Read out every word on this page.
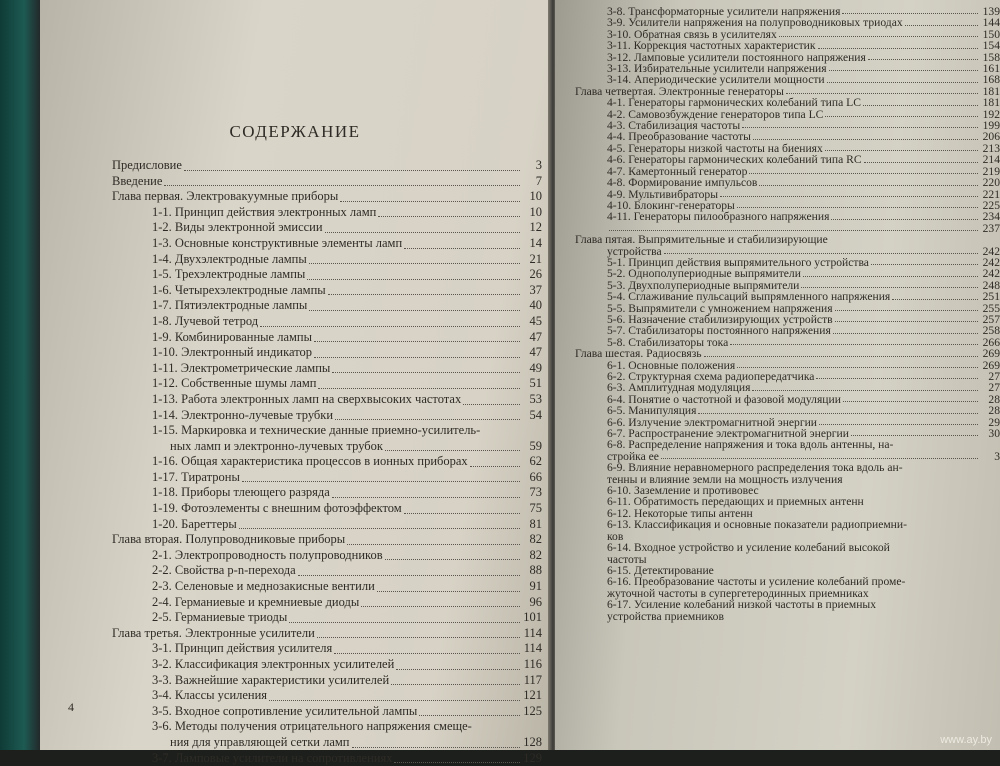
СОДЕРЖАНИЕ
Предисловие	3
Введение	7
Глава первая. Электровакуумные приборы	10
1-1. Принцип действия электронных ламп	10
1-2. Виды электронной эмиссии	12
1-3. Основные конструктивные элементы ламп	14
1-4. Двухэлектродные лампы	21
1-5. Трехэлектродные лампы	26
1-6. Четырехэлектродные лампы	37
1-7. Пятиэлектродные лампы	40
1-8. Лучевой тетрод	45
1-9. Комбинированные лампы	47
1-10. Электронный индикатор	47
1-11. Электрометрические лампы	49
1-12. Собственные шумы ламп	51
1-13. Работа электронных ламп на сверхвысоких частотах	53
1-14. Электронно-лучевые трубки	54
1-15. Маркировка и технические данные приемно-усилитель-
ных ламп и электронно-лучевых трубок	59
1-16. Общая характеристика процессов в ионных приборах	62
1-17. Тиратроны	66
1-18. Приборы тлеющего разряда	73
1-19. Фотоэлементы с внешним фотоэффектом	75
1-20. Бареттеры	81
Глава вторая. Полупроводниковые приборы	82
2-1. Электропроводность полупроводников	82
2-2. Свойства p-n-перехода	88
2-3. Селеновые и меднозакисные вентили	91
2-4. Германиевые и кремниевые диоды	96
2-5. Германиевые триоды	101
Глава третья. Электронные усилители	114
3-1. Принцип действия усилителя	114
3-2. Классификация электронных усилителей	116
3-3. Важнейшие характеристики усилителей	117
3-4. Классы усиления	121
3-5. Входное сопротивление усилительной лампы	125
3-6. Методы получения отрицательного напряжения смеще-
ния для управляющей сетки ламп	128
3-7. Ламповые усилители на сопротивлениях	129
4
3-8. Трансформаторные усилители напряжения	139
3-9. Усилители напряжения на полупроводниковых триодах	144
3-10. Обратная связь в усилителях	150
3-11. Коррекция частотных характеристик	154
3-12. Ламповые усилители постоянного напряжения	158
3-13. Избирательные усилители напряжения	161
3-14. Апериодические усилители мощности	168
Глава четвертая. Электронные генераторы	181
4-1. Генераторы гармонических колебаний типа LC	181
4-2. Самовозбуждение генераторов типа LC	192
4-3. Стабилизация частоты	199
4-4. Преобразование частоты	206
4-5. Генераторы низкой частоты на биениях	213
4-6. Генераторы гармонических колебаний типа RC	214
4-7. Камертонный генератор	219
4-8. Формирование импульсов	220
4-9. Мультивибраторы	221
4-10. Блокинг-генераторы	225
4-11. Генераторы пилообразного напряжения	234
237
Глава пятая. Выпрямительные и стабилизирующие
устройства	242
5-1. Принцип действия выпрямительного устройства	242
5-2. Однополупериодные выпрямители	242
5-3. Двухполупериодные выпрямители	248
5-4. Сглаживание пульсаций выпрямленного напряжения	251
5-5. Выпрямители с умножением напряжения	255
5-6. Назначение стабилизирующих устройств	257
5-7. Стабилизаторы постоянного напряжения	258
5-8. Стабилизаторы тока	266
Глава шестая. Радиосвязь	269
6-1. Основные положения	269
6-2. Структурная схема радиопередатчика	27
6-3. Амплитудная модуляция	27
6-4. Понятие о частотной и фазовой модуляции	28
6-5. Манипуляция	28
6-6. Излучение электромагнитной энергии	29
6-7. Распространение электромагнитной энергии	30
6-8. Распределение напряжения и тока вдоль антенны, на-
стройка ее	3
6-9. Влияние неравномерного распределения тока вдоль ан-
тенны и влияние земли на мощность излучения
6-10. Заземление и противовес
6-11. Обратимость передающих и приемных антенн
6-12. Некоторые типы антенн
6-13. Классификация и основные показатели радиоприемни-
ков
6-14. Входное устройство и усиление колебаний высокой
частоты
6-15. Детектирование
6-16. Преобразование частоты и усиление колебаний проме-
жуточной частоты в супергетеродинных приемниках
6-17. Усиление колебаний низкой частоты в приемных
устройства приемников
www.ay.by
